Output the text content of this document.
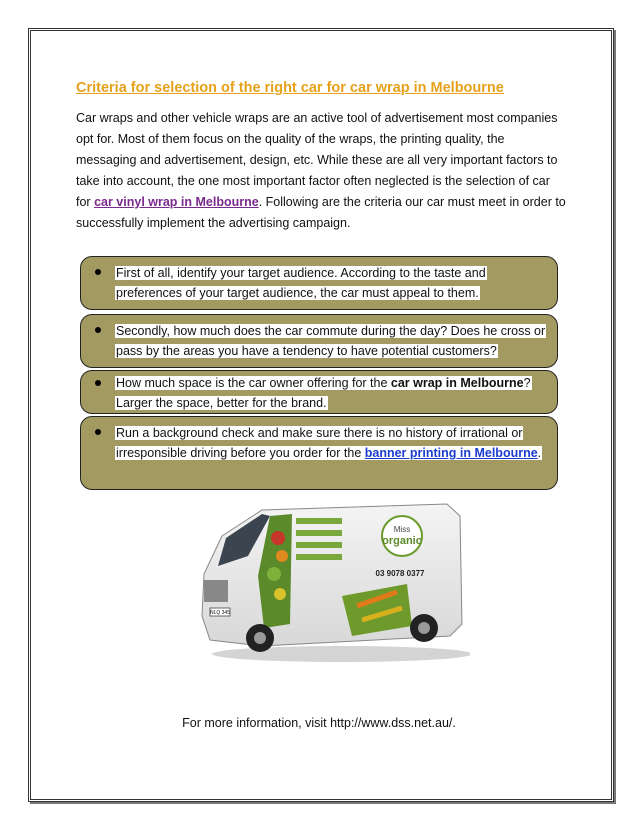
Criteria for selection of the right car for car wrap in Melbourne

Car wraps and other vehicle wraps are an active tool of advertisement most companies opt for. Most of them focus on the quality of the wraps, the printing quality, the messaging and advertisement, design, etc. While these are all very important factors to take into account, the one most important factor often neglected is the selection of car for car vinyl wrap in Melbourne. Following are the criteria our car must meet in order to successfully implement the advertising campaign.

First of all, identify your target audience. According to the taste and preferences of your target audience, the car must appeal to them.
Secondly, how much does the car commute during the day? Does he cross or pass by the areas you have a tendency to have potential customers?
How much space is the car owner offering for the car wrap in Melbourne? Larger the space, better for the brand.
Run a background check and make sure there is no history of irrational or irresponsible driving before you order for the banner printing in Melbourne.
Miss
organic
03 9078 0377
NLQ 345

For more information, visit http://www.dss.net.au/.
